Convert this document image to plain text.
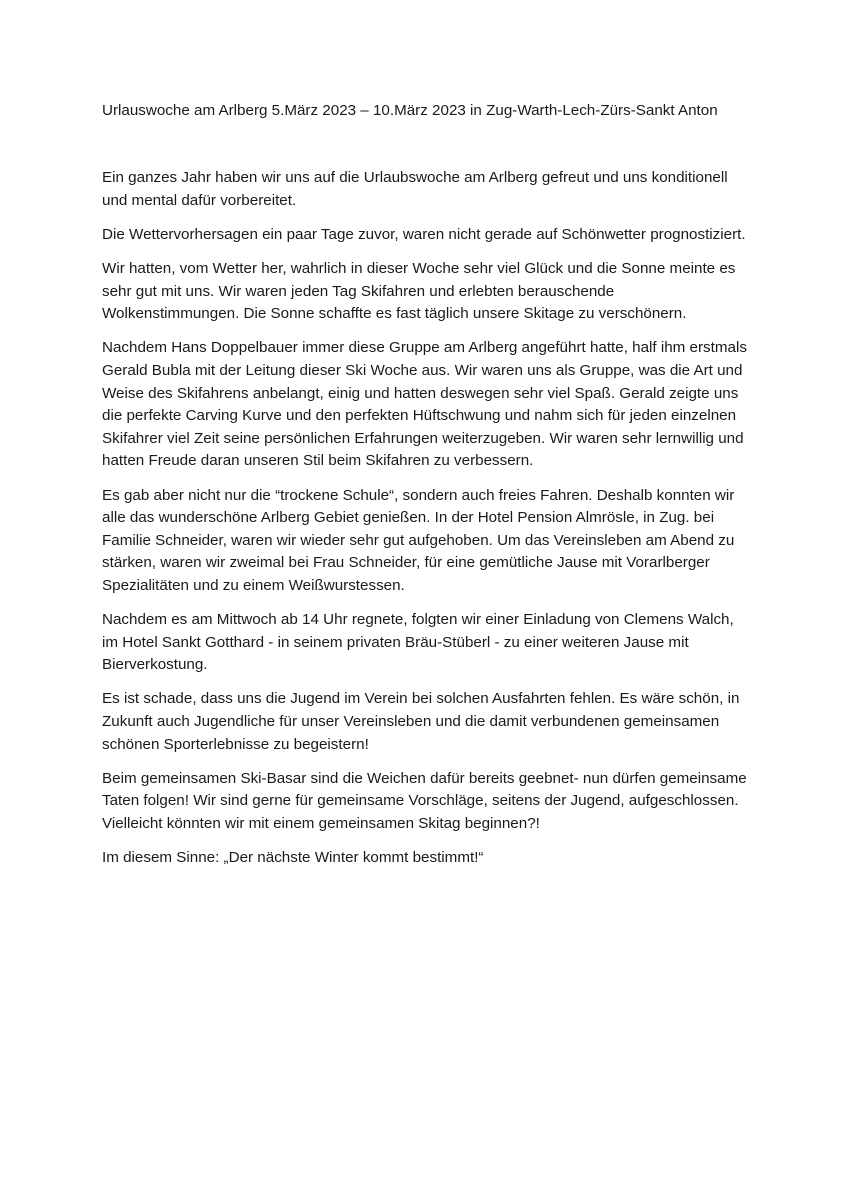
Urlauswoche am Arlberg 5.März 2023 – 10.März 2023 in Zug-Warth-Lech-Zürs-Sankt Anton

Ein ganzes Jahr haben wir uns auf die Urlaubswoche am Arlberg gefreut und uns konditionell und mental dafür vorbereitet.

Die Wettervorhersagen ein paar Tage zuvor, waren nicht gerade auf Schönwetter prognostiziert.

Wir hatten, vom Wetter her, wahrlich in dieser Woche sehr viel Glück und die Sonne meinte es sehr gut mit uns. Wir waren jeden Tag Skifahren und erlebten berauschende Wolkenstimmungen. Die Sonne schaffte es fast täglich unsere Skitage zu verschönern.

Nachdem Hans Doppelbauer immer diese Gruppe am Arlberg angeführt hatte, half ihm erstmals Gerald Bubla mit der Leitung dieser Ski Woche aus. Wir waren uns als Gruppe, was die Art und Weise des Skifahrens anbelangt, einig und hatten deswegen sehr viel Spaß. Gerald zeigte uns die perfekte Carving Kurve und den perfekten Hüftschwung und nahm sich für jeden einzelnen Skifahrer viel Zeit seine persönlichen Erfahrungen weiterzugeben. Wir waren sehr lernwillig und hatten Freude daran unseren Stil beim Skifahren zu verbessern.

Es gab aber nicht nur die “trockene Schule“, sondern auch freies Fahren. Deshalb konnten wir alle das wunderschöne Arlberg Gebiet genießen. In der Hotel Pension Almrösle, in Zug. bei Familie Schneider, waren wir wieder sehr gut aufgehoben. Um das Vereinsleben am Abend zu stärken, waren wir zweimal bei Frau Schneider, für eine gemütliche Jause mit Vorarlberger Spezialitäten und zu einem Weißwurstessen.

Nachdem es am Mittwoch ab 14 Uhr regnete, folgten wir einer Einladung von Clemens Walch, im Hotel Sankt Gotthard - in seinem privaten Bräu-Stüberl - zu einer weiteren Jause mit Bierverkostung.

Es ist schade, dass uns die Jugend im Verein bei solchen Ausfahrten fehlen. Es wäre schön, in Zukunft auch Jugendliche für unser Vereinsleben und die damit verbundenen gemeinsamen schönen Sporterlebnisse zu begeistern!

Beim gemeinsamen Ski-Basar sind die Weichen dafür bereits geebnet- nun dürfen gemeinsame Taten folgen! Wir sind gerne für gemeinsame Vorschläge, seitens der Jugend, aufgeschlossen. Vielleicht könnten wir mit einem gemeinsamen Skitag beginnen?!

Im diesem Sinne: „Der nächste Winter kommt bestimmt!“
